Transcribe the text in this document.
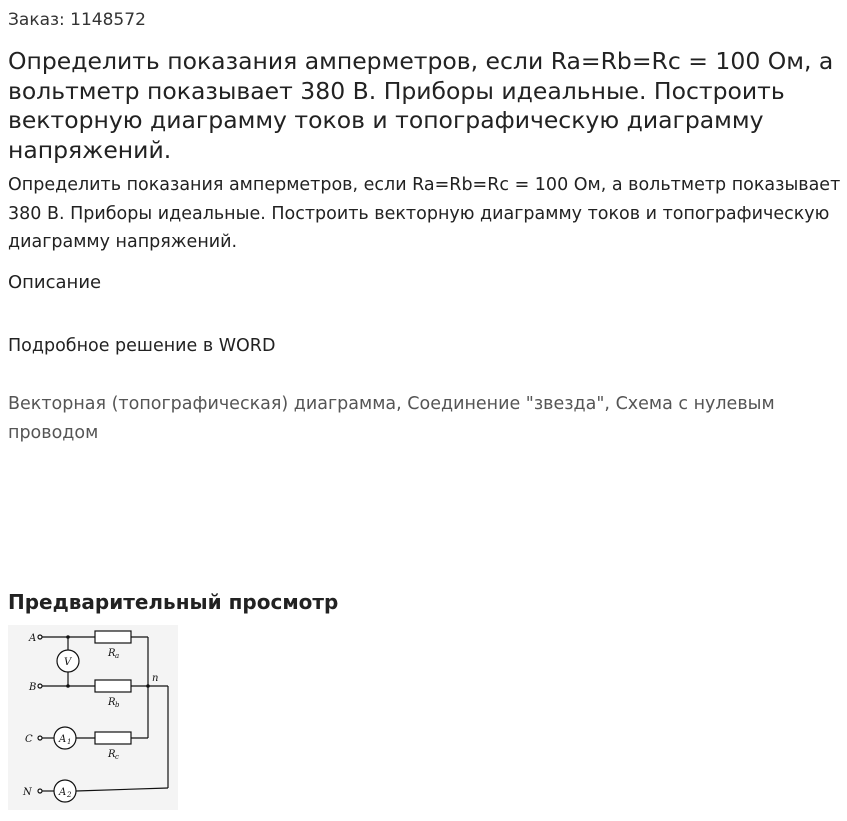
Заказ: 1148572
Определить показания амперметров, если Ra=Rb=Rc = 100 Ом, а вольтметр показывает 380 В. Приборы идеальные. Построить векторную диаграмму токов и топографическую диаграмму напряжений.

Определить показания амперметров, если Ra=Rb=Rc = 100 Ом, а вольтметр показывает 380 В. Приборы идеальные. Построить векторную диаграмму токов и топографическую диаграмму напряжений.

Описание
Подробное решение в WORD
Векторная (топографическая) диаграмма, Соединение "звезда", Схема с нулевым проводом
Предварительный просмотр
A
B
C
N
n
V
A 1
A 2
R a
R b
R c
